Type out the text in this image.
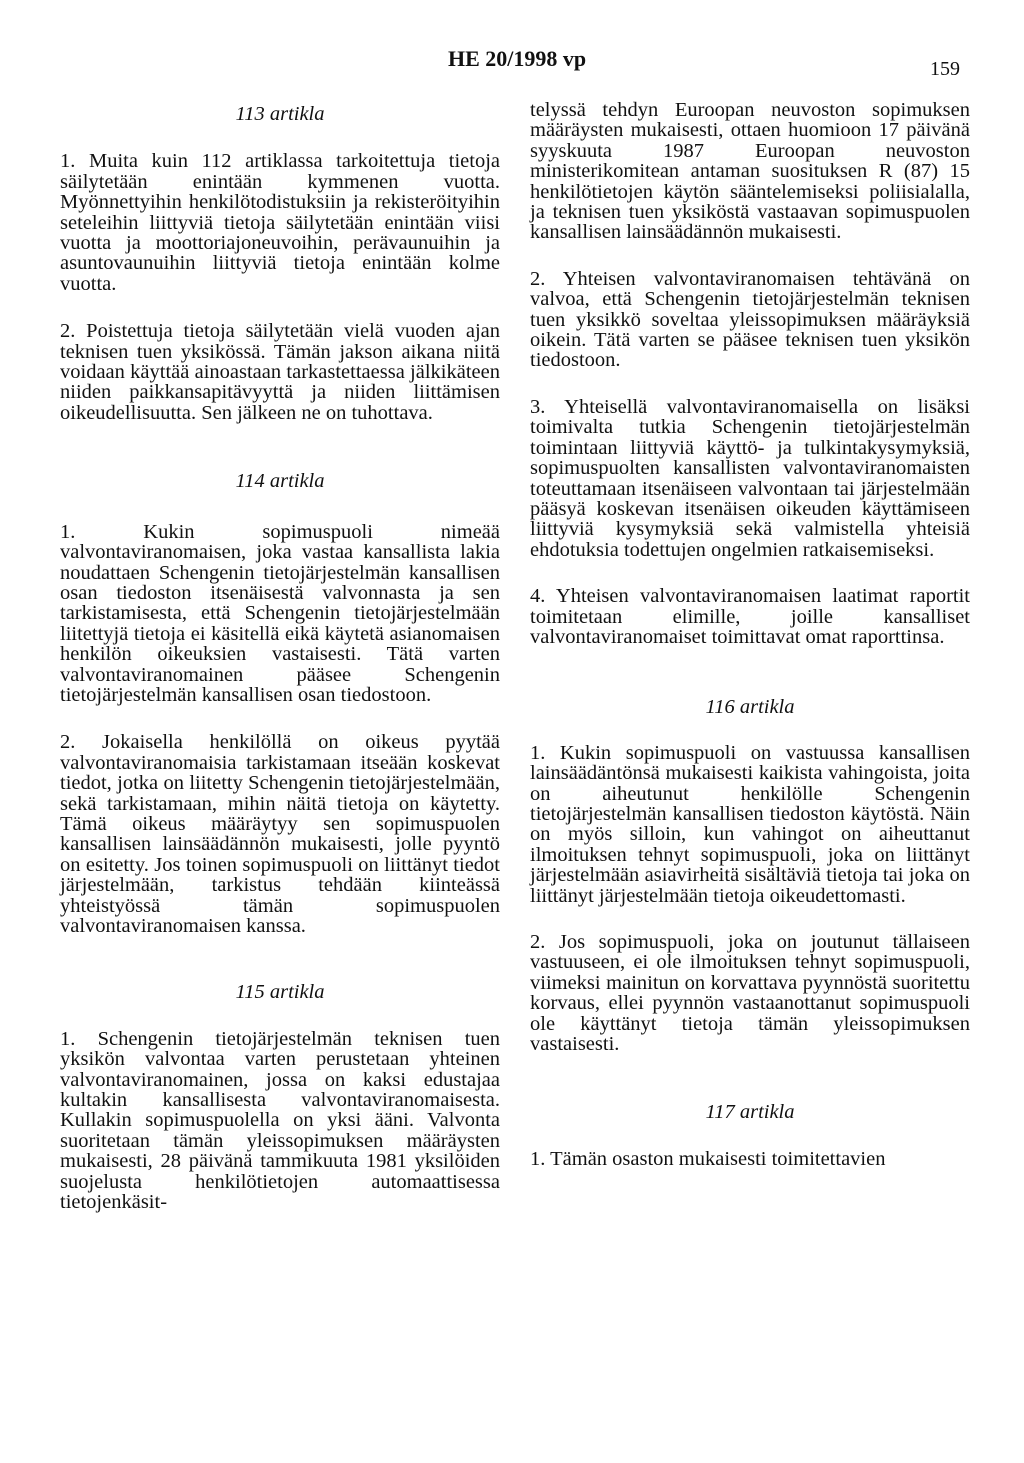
HE 20/1998 vp	159

113 artikla

1. Muita kuin 112 artiklassa tarkoitettuja tietoja säilytetään enintään kymmenen vuotta. Myönnettyihin henkilötodistuksiin ja rekisteröityihin seteleihin liittyviä tietoja säilytetään enintään viisi vuotta ja moottoriajoneuvoihin, perävaunuihin ja asuntovaunuihin liittyviä tietoja enintään kolme vuotta.

2. Poistettuja tietoja säilytetään vielä vuoden ajan teknisen tuen yksikössä. Tämän jakson aikana niitä voidaan käyttää ainoastaan tarkastettaessa jälkikäteen niiden paikkansapitävyyttä ja niiden liittämisen oikeudellisuutta. Sen jälkeen ne on tuhottava.

114 artikla

1. Kukin sopimuspuoli nimeää valvontaviranomaisen, joka vastaa kansallista lakia noudattaen Schengenin tietojärjestelmän kansallisen osan tiedoston itsenäisestä valvonnasta ja sen tarkistamisesta, että Schengenin tietojärjestelmään liitettyjä tietoja ei käsitellä eikä käytetä asianomaisen henkilön oikeuksien vastaisesti. Tätä varten valvontaviranomainen pääsee Schengenin tietojärjestelmän kansallisen osan tiedostoon.

2. Jokaisella henkilöllä on oikeus pyytää valvontaviranomaisia tarkistamaan itseään koskevat tiedot, jotka on liitetty Schengenin tietojärjestelmään, sekä tarkistamaan, mihin näitä tietoja on käytetty. Tämä oikeus määräytyy sen sopimuspuolen kansallisen lainsäädännön mukaisesti, jolle pyyntö on esitetty. Jos toinen sopimuspuoli on liittänyt tiedot järjestelmään, tarkistus tehdään kiinteässä yhteistyössä tämän sopimuspuolen valvontaviranomaisen kanssa.

115 artikla

1. Schengenin tietojärjestelmän teknisen tuen yksikön valvontaa varten perustetaan yhteinen valvontaviranomainen, jossa on kaksi edustajaa kultakin kansallisesta valvontaviranomaisesta. Kullakin sopimuspuolella on yksi ääni. Valvonta suoritetaan tämän yleissopimuksen määräysten mukaisesti, 28 päivänä tammikuuta 1981 yksilöiden suojelusta henkilötietojen automaattisessa tietojenkäsit-

telyssä tehdyn Euroopan neuvoston sopimuksen määräysten mukaisesti, ottaen huomioon 17 päivänä syyskuuta 1987 Euroopan neuvoston ministerikomitean antaman suosituksen R (87) 15 henkilötietojen käytön sääntelemiseksi poliisialalla, ja teknisen tuen yksiköstä vastaavan sopimuspuolen kansallisen lainsäädännön mukaisesti.

2. Yhteisen valvontaviranomaisen tehtävänä on valvoa, että Schengenin tietojärjestelmän teknisen tuen yksikkö soveltaa yleissopimuksen määräyksiä oikein. Tätä varten se pääsee teknisen tuen yksikön tiedostoon.

3. Yhteisellä valvontaviranomaisella on lisäksi toimivalta tutkia Schengenin tietojärjestelmän toimintaan liittyviä käyttö- ja tulkintakysymyksiä, sopimuspuolten kansallisten valvontaviranomaisten toteuttamaan itsenäiseen valvontaan tai järjestelmään pääsyä koskevan itsenäisen oikeuden käyttämiseen liittyviä kysymyksiä sekä valmistella yhteisiä ehdotuksia todettujen ongelmien ratkaisemiseksi.

4. Yhteisen valvontaviranomaisen laatimat raportit toimitetaan elimille, joille kansalliset valvontaviranomaiset toimittavat omat raporttinsa.

116 artikla

1. Kukin sopimuspuoli on vastuussa kansallisen lainsäädäntönsä mukaisesti kaikista vahingoista, joita on aiheutunut henkilölle Schengenin tietojärjestelmän kansallisen tiedoston käytöstä. Näin on myös silloin, kun vahingot on aiheuttanut ilmoituksen tehnyt sopimuspuoli, joka on liittänyt järjestelmään asiavirheitä sisältäviä tietoja tai joka on liittänyt järjestelmään tietoja oikeudettomasti.

2. Jos sopimuspuoli, joka on joutunut tällaiseen vastuuseen, ei ole ilmoituksen tehnyt sopimuspuoli, viimeksi mainitun on korvattava pyynnöstä suoritettu korvaus, ellei pyynnön vastaanottanut sopimuspuoli ole käyttänyt tietoja tämän yleissopimuksen vastaisesti.

117 artikla

1. Tämän osaston mukaisesti toimitettavien
